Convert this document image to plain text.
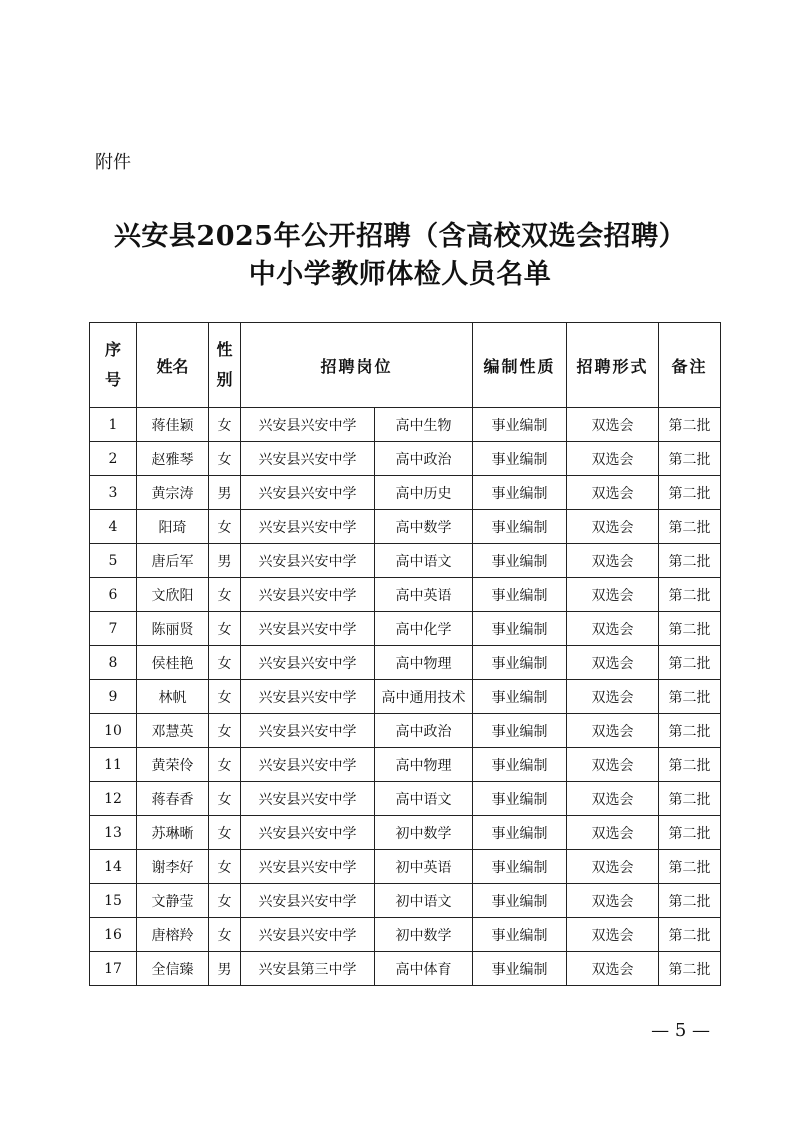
附件
兴安县2025年公开招聘（含高校双选会招聘）
中小学教师体检人员名单
序号	姓名	性别	招聘岗位		编制性质	招聘形式	备注
1	蒋佳颖	女	兴安县兴安中学	高中生物	事业编制	双选会	第二批
2	赵雅琴	女	兴安县兴安中学	高中政治	事业编制	双选会	第二批
3	黄宗涛	男	兴安县兴安中学	高中历史	事业编制	双选会	第二批
4	阳琦	女	兴安县兴安中学	高中数学	事业编制	双选会	第二批
5	唐后军	男	兴安县兴安中学	高中语文	事业编制	双选会	第二批
6	文欣阳	女	兴安县兴安中学	高中英语	事业编制	双选会	第二批
7	陈丽贤	女	兴安县兴安中学	高中化学	事业编制	双选会	第二批
8	侯桂艳	女	兴安县兴安中学	高中物理	事业编制	双选会	第二批
9	林帆	女	兴安县兴安中学	高中通用技术	事业编制	双选会	第二批
10	邓慧英	女	兴安县兴安中学	高中政治	事业编制	双选会	第二批
11	黄荣伶	女	兴安县兴安中学	高中物理	事业编制	双选会	第二批
12	蒋春香	女	兴安县兴安中学	高中语文	事业编制	双选会	第二批
13	苏琳晰	女	兴安县兴安中学	初中数学	事业编制	双选会	第二批
14	谢李好	女	兴安县兴安中学	初中英语	事业编制	双选会	第二批
15	文静莹	女	兴安县兴安中学	初中语文	事业编制	双选会	第二批
16	唐榕羚	女	兴安县兴安中学	初中数学	事业编制	双选会	第二批
17	全信臻	男	兴安县第三中学	高中体育	事业编制	双选会	第二批
— 5 —
